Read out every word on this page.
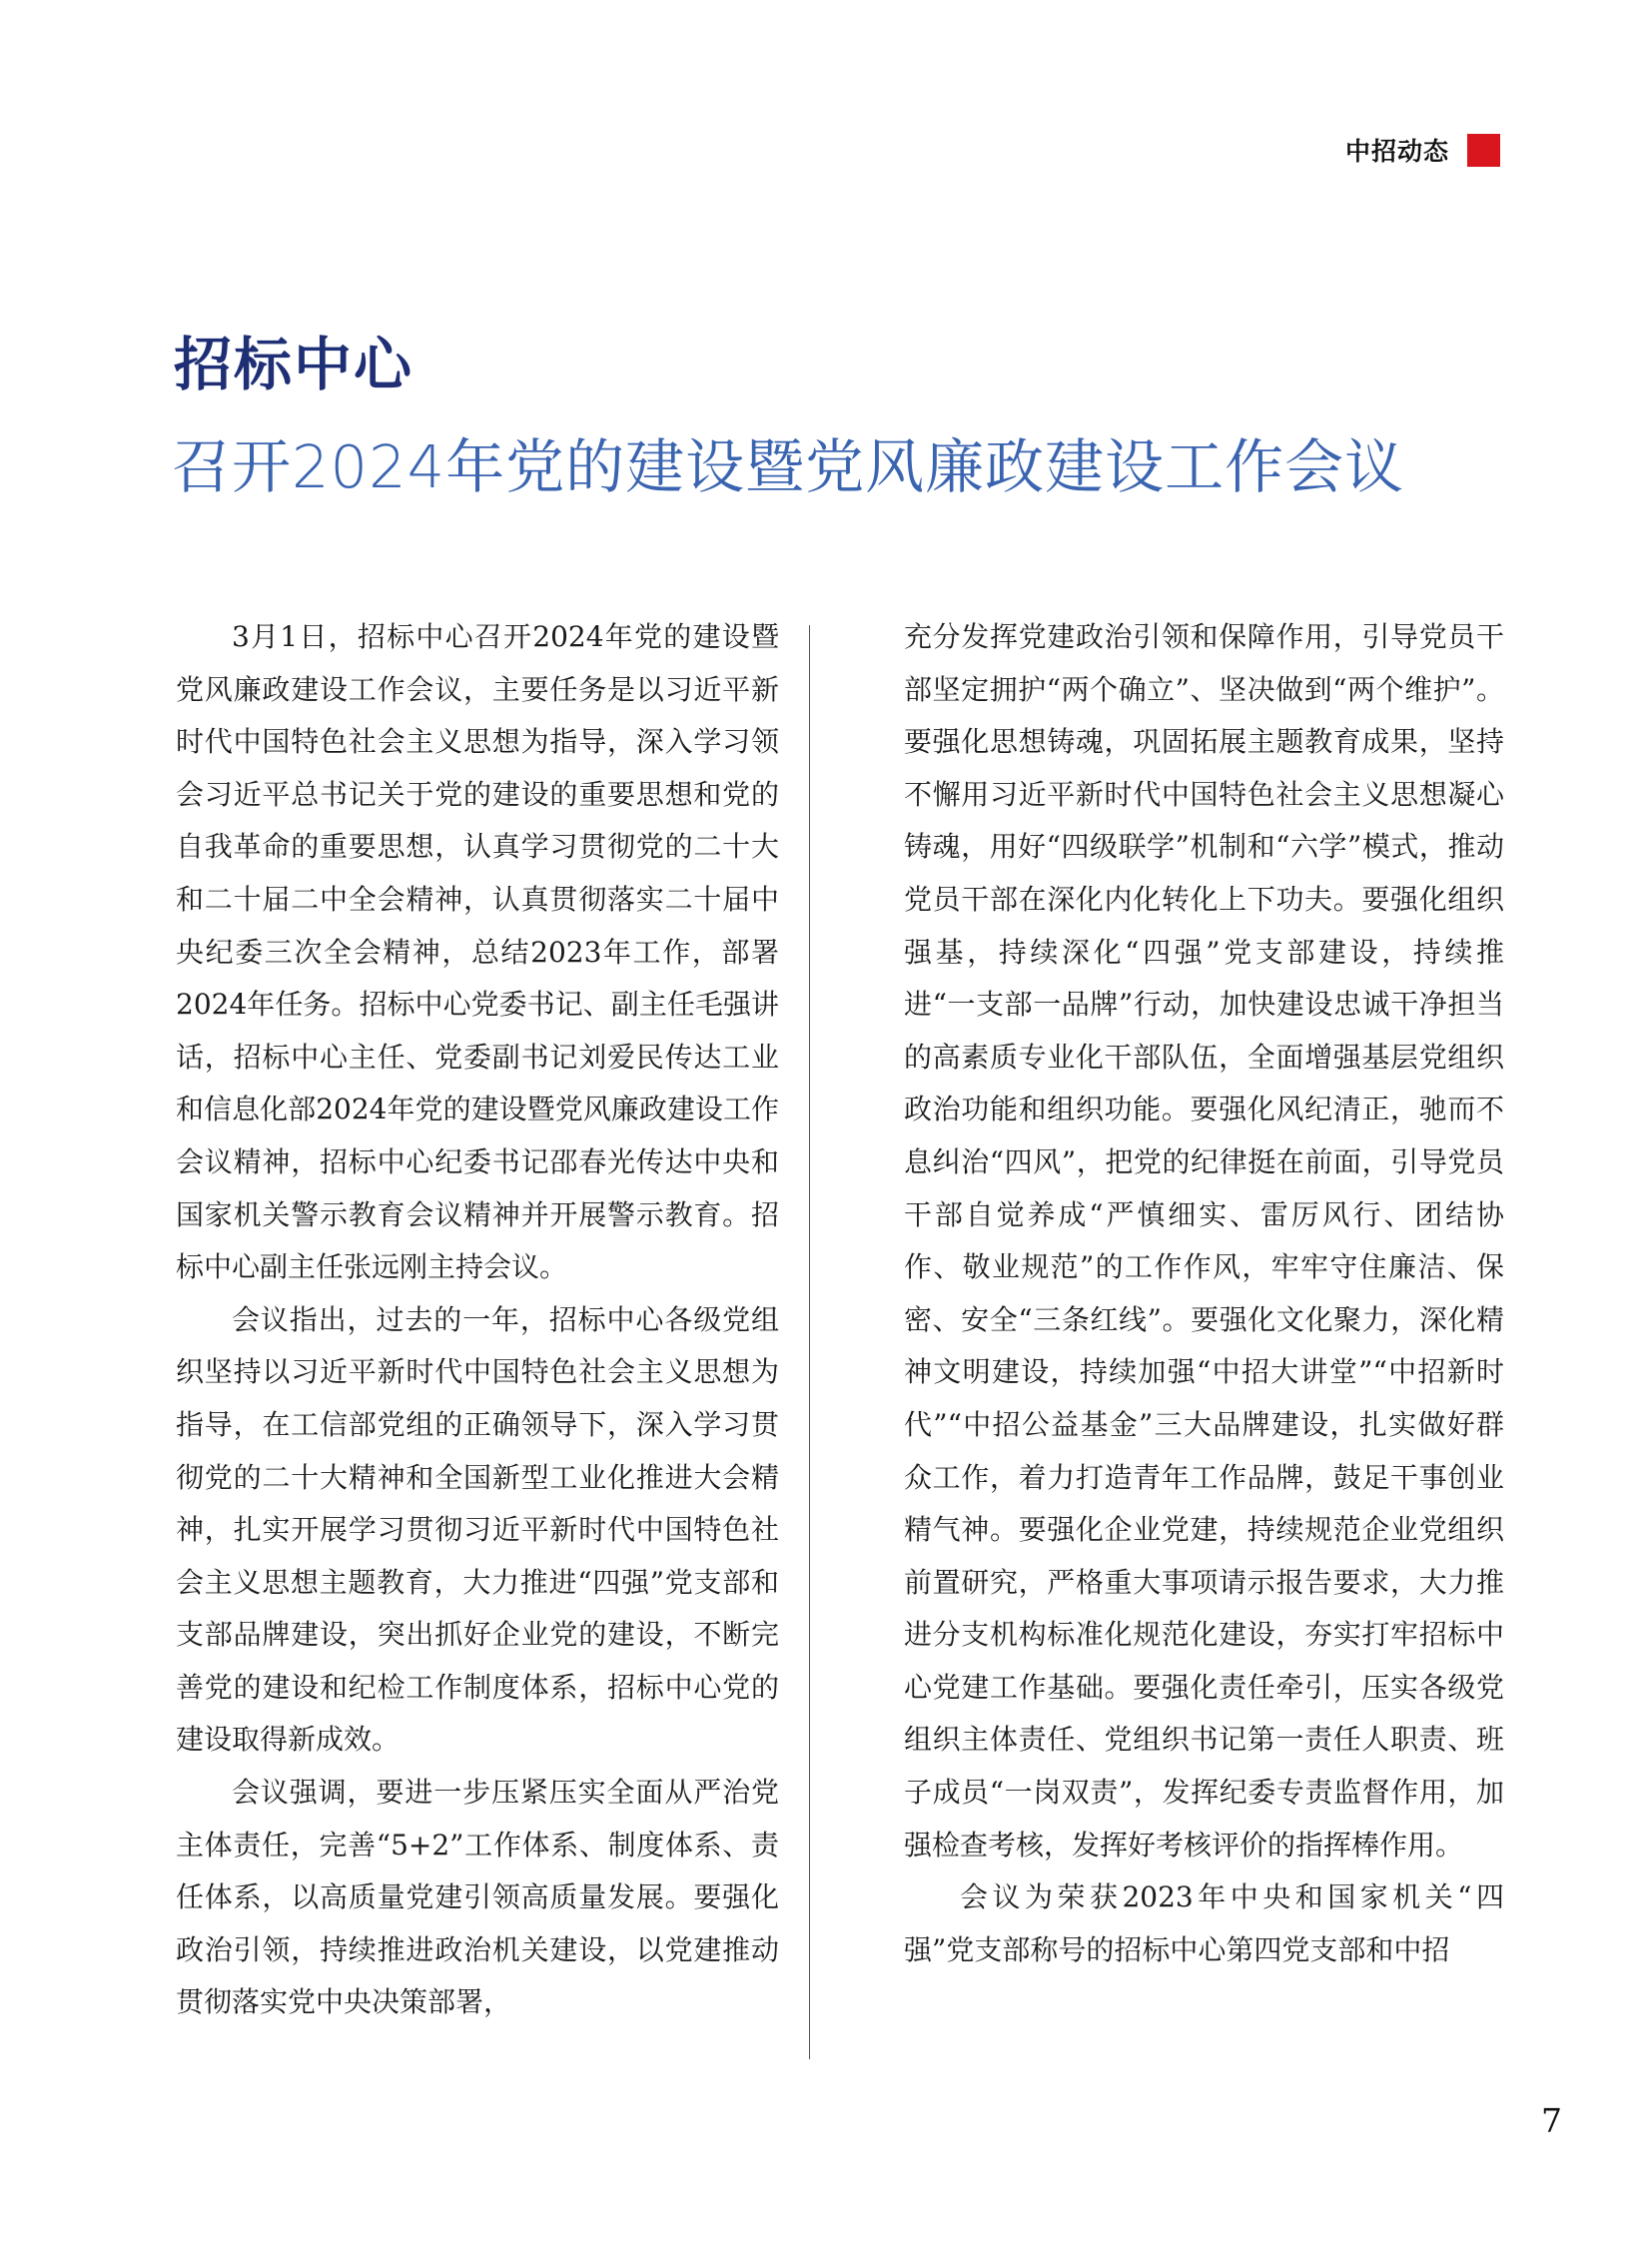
中招动态
招标中心
召开2024年党的建设暨党风廉政建设工作会议

3月1日，招标中心召开2024年党的建设暨党风廉政建设工作会议，主要任务是以习近平新时代中国特色社会主义思想为指导，深入学习领会习近平总书记关于党的建设的重要思想和党的自我革命的重要思想，认真学习贯彻党的二十大和二十届二中全会精神，认真贯彻落实二十届中央纪委三次全会精神，总结2023年工作，部署2024年任务。招标中心党委书记、副主任毛强讲话，招标中心主任、党委副书记刘爱民传达工业和信息化部2024年党的建设暨党风廉政建设工作会议精神，招标中心纪委书记邵春光传达中央和国家机关警示教育会议精神并开展警示教育。招标中心副主任张远刚主持会议。

会议指出，过去的一年，招标中心各级党组织坚持以习近平新时代中国特色社会主义思想为指导，在工信部党组的正确领导下，深入学习贯彻党的二十大精神和全国新型工业化推进大会精神，扎实开展学习贯彻习近平新时代中国特色社会主义思想主题教育，大力推进“四强”党支部和支部品牌建设，突出抓好企业党的建设，不断完善党的建设和纪检工作制度体系，招标中心党的建设取得新成效。

会议强调，要进一步压紧压实全面从严治党主体责任，完善“5+2”工作体系、制度体系、责任体系，以高质量党建引领高质量发展。要强化政治引领，持续推进政治机关建设，以党建推动贯彻落实党中央决策部署，

充分发挥党建政治引领和保障作用，引导党员干部坚定拥护“两个确立”、坚决做到“两个维护”。要强化思想铸魂，巩固拓展主题教育成果，坚持不懈用习近平新时代中国特色社会主义思想凝心铸魂，用好“四级联学”机制和“六学”模式，推动党员干部在深化内化转化上下功夫。要强化组织强基，持续深化“四强”党支部建设，持续推进“一支部一品牌”行动，加快建设忠诚干净担当的高素质专业化干部队伍，全面增强基层党组织政治功能和组织功能。要强化风纪清正，驰而不息纠治“四风”，把党的纪律挺在前面，引导党员干部自觉养成“严慎细实、雷厉风行、团结协作、敬业规范”的工作作风，牢牢守住廉洁、保密、安全“三条红线”。要强化文化聚力，深化精神文明建设，持续加强“中招大讲堂”“中招新时代”“中招公益基金”三大品牌建设，扎实做好群众工作，着力打造青年工作品牌，鼓足干事创业精气神。要强化企业党建，持续规范企业党组织前置研究，严格重大事项请示报告要求，大力推进分支机构标准化规范化建设，夯实打牢招标中心党建工作基础。要强化责任牵引，压实各级党组织主体责任、党组织书记第一责任人职责、班子成员“一岗双责”，发挥纪委专责监督作用，加强检查考核，发挥好考核评价的指挥棒作用。

会议为荣获2023年中央和国家机关“四强”党支部称号的招标中心第四党支部和中招

7
